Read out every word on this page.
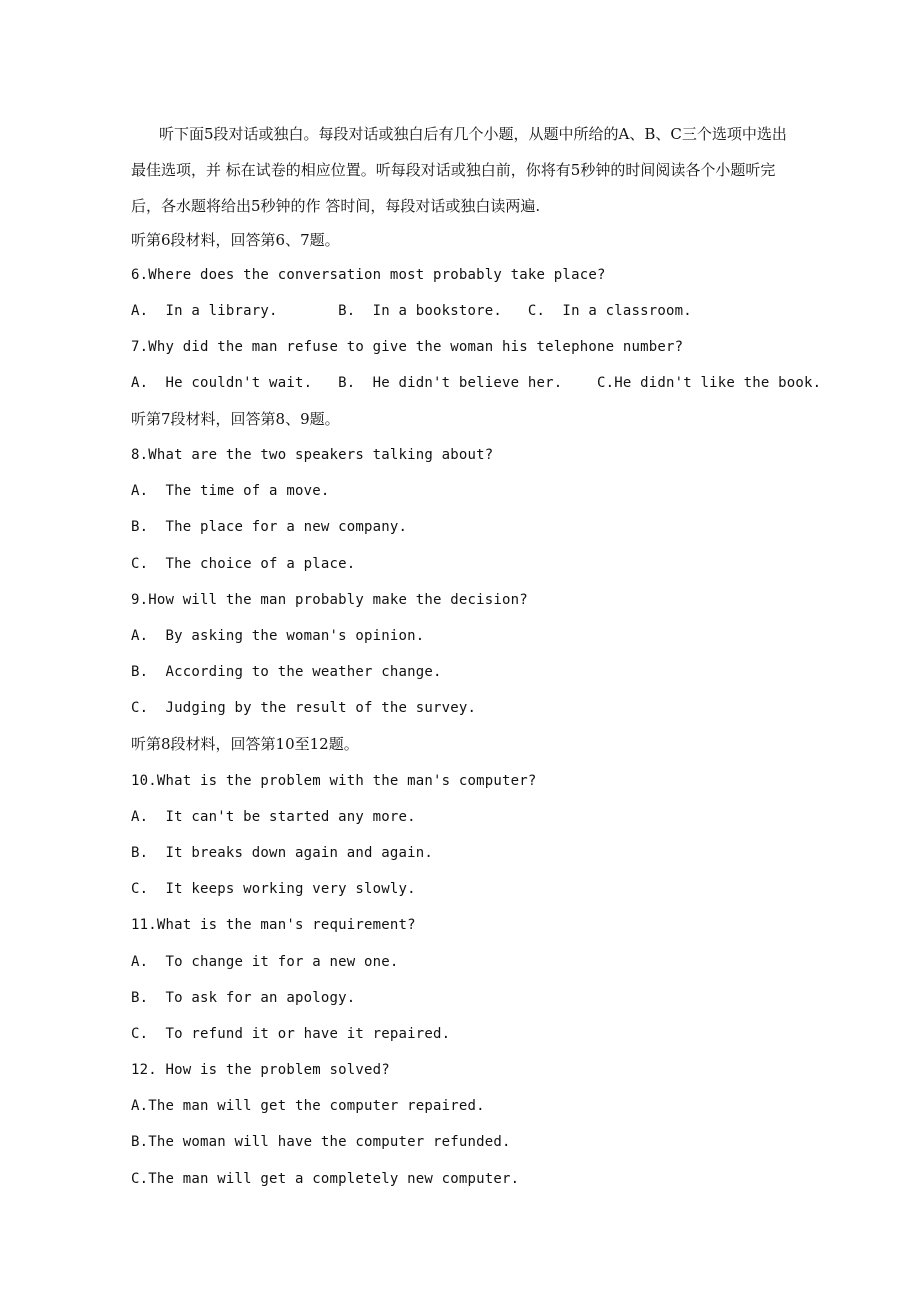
听下面5段对话或独白。每段对话或独白后有几个小题，从题中所给的A、B、C三个选项中选出最佳选项，并 标在试卷的相应位置。听每段对话或独白前，你将有5秒钟的时间阅读各个小题听完后，各水题将给出5秒钟的作 答时间，每段对话或独白读两遍.

听第6段材料，回答第6、7题。
6.Where does the conversation most probably take place?
A.  In a library.       B.  In a bookstore.   C.  In a classroom.
7.Why did the man refuse to give the woman his telephone number?
A.  He couldn't wait.   B.  He didn't believe her.    C.He didn't like the book.
听第7段材料，回答第8、9题。
8.What are the two speakers talking about?
A.  The time of a move.
B.  The place for a new company.
C.  The choice of a place.
9.How will the man probably make the decision?
A.  By asking the woman's opinion.
B.  According to the weather change.
C.  Judging by the result of the survey.
听第8段材料，回答第10至12题。
10.What is the problem with the man's computer?
A.  It can't be started any more.
B.  It breaks down again and again.
C.  It keeps working very slowly.
11.What is the man's requirement?
A.  To change it for a new one.
B.  To ask for an apology.
C.  To refund it or have it repaired.
12. How is the problem solved?
A.The man will get the computer repaired.
B.The woman will have the computer refunded.
C.The man will get a completely new computer.
